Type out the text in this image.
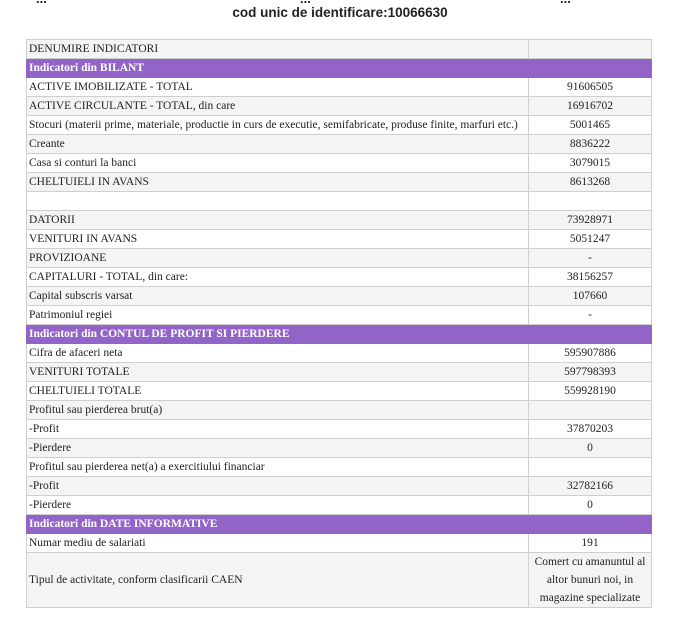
cod unic de identificare:10066630
DENUMIRE INDICATORI	
Indicatori din BILANT	
ACTIVE IMOBILIZATE - TOTAL	91606505
ACTIVE CIRCULANTE - TOTAL, din care	16916702
Stocuri (materii prime, materiale, productie in curs de executie, semifabricate, produse finite, marfuri etc.)	5001465
Creante	8836222
Casa si conturi la banci	3079015
CHELTUIELI IN AVANS	8613268

DATORII	73928971
VENITURI IN AVANS	5051247
PROVIZIOANE	-
CAPITALURI - TOTAL, din care:	38156257
Capital subscris varsat	107660
Patrimoniul regiei	-
Indicatori din CONTUL DE PROFIT SI PIERDERE	
Cifra de afaceri neta	595907886
VENITURI TOTALE	597798393
CHELTUIELI TOTALE	559928190
Profitul sau pierderea brut(a)	
-Profit	37870203
-Pierdere	0
Profitul sau pierderea net(a) a exercitiului financiar	
-Profit	32782166
-Pierdere	0
Indicatori din DATE INFORMATIVE	
Numar mediu de salariati	191
Tipul de activitate, conform clasificarii CAEN	Comert cu amanuntul al altor bunuri noi, in magazine specializate
